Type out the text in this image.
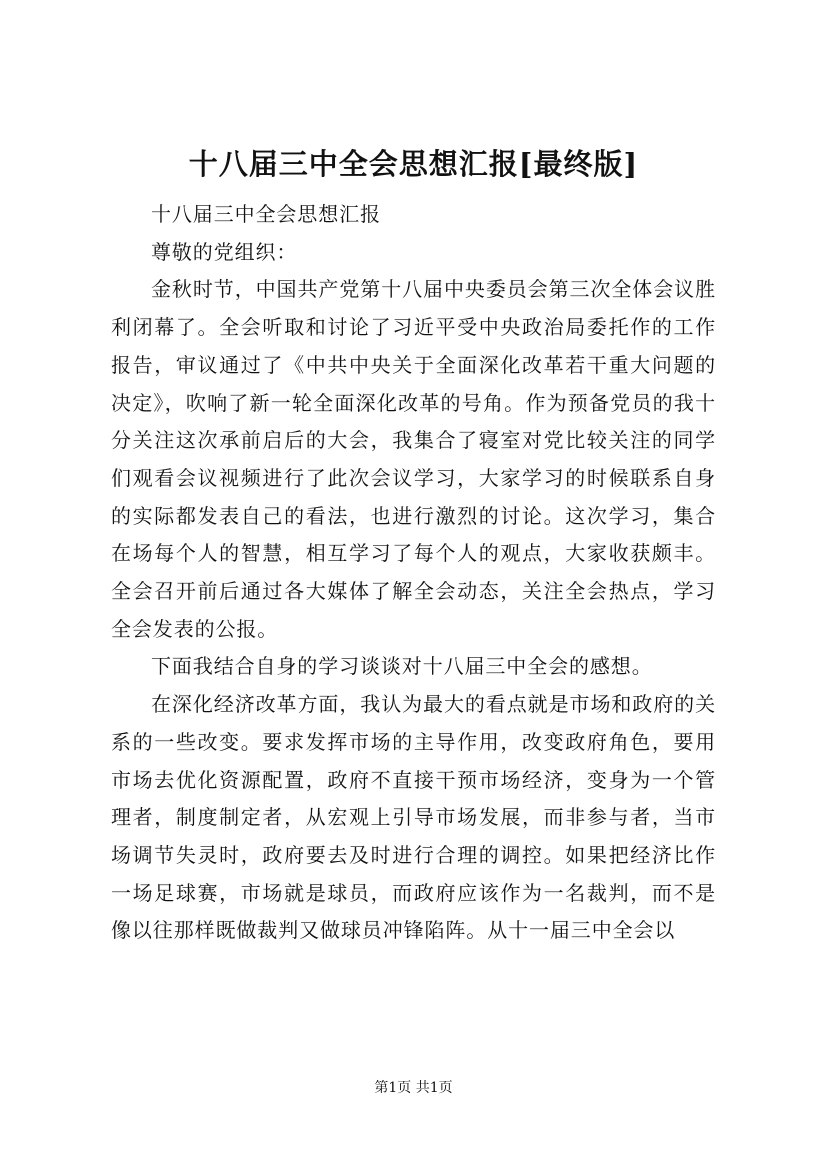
十八届三中全会思想汇报[最终版]

十八届三中全会思想汇报

尊敬的党组织：

金秋时节，中国共产党第十八届中央委员会第三次全体会议胜利闭幕了。全会听取和讨论了习近平受中央政治局委托作的工作报告，审议通过了《中共中央关于全面深化改革若干重大问题的决定》，吹响了新一轮全面深化改革的号角。作为预备党员的我十分关注这次承前启后的大会，我集合了寝室对党比较关注的同学们观看会议视频进行了此次会议学习，大家学习的时候联系自身的实际都发表自己的看法，也进行激烈的讨论。这次学习，集合在场每个人的智慧，相互学习了每个人的观点，大家收获颇丰。全会召开前后通过各大媒体了解全会动态，关注全会热点，学习全会发表的公报。

下面我结合自身的学习谈谈对十八届三中全会的感想。

在深化经济改革方面，我认为最大的看点就是市场和政府的关系的一些改变。要求发挥市场的主导作用，改变政府角色，要用市场去优化资源配置，政府不直接干预市场经济，变身为一个管理者，制度制定者，从宏观上引导市场发展，而非参与者，当市场调节失灵时，政府要去及时进行合理的调控。如果把经济比作一场足球赛，市场就是球员，而政府应该作为一名裁判，而不是像以往那样既做裁判又做球员冲锋陷阵。从十一届三中全会以

第1页 共1页
